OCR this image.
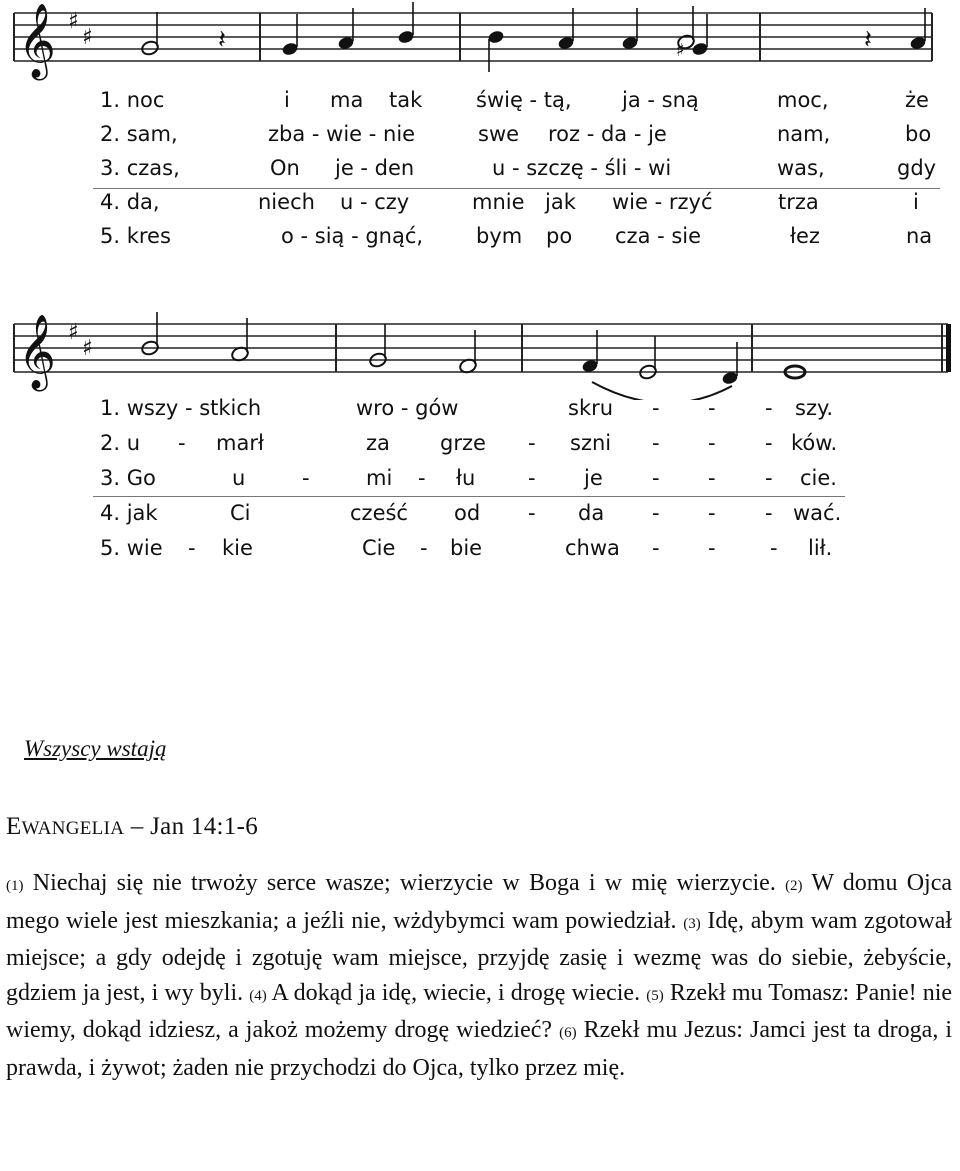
𝄞 ♯
♯
♯
𝄽	𝄽
1. noc	i ma tak	świę - tą, ja - sną	moc,	że
2. sam,	zba - wie - nie	swe roz - da - je	nam,	bo
3. czas,	On je - den	u - szczę - śli - wi	was,	gdy
4. da,	niech u - czy	mnie jak wie - rzyć	trza	i
5. kres	o - sią - gnąć,	bym po cza - sie	łez	na
𝄞 ♯
♯
1. wszy - stkich	wro - gów	skru - - - szy.
2. u - marł	za grze - szni - - - ków.
3. Go	u	-	mi - łu	- je - - - cie.
4. jak	Ci	cześć od - da - - - wać.
5. wie - kie	Cie - bie	chwa - -	- lił.
Wszyscy wstają
EWANGELIA – Jan 14:1-6
(1) Niechaj się nie trwoży serce wasze; wierzycie w Boga i w mię wierzycie. (2) W domu Ojca mego wiele jest mieszkania; a jeźli nie, wżdybymci wam powiedział. (3) Idę, abym wam zgotował miejsce; a gdy odejdę i zgotuję wam miejsce, przyjdę zasię i wezmę was do siebie, żebyście, gdziem ja jest, i wy byli. (4) A dokąd ja idę, wiecie, i drogę wiecie. (5) Rzekł mu Tomasz: Panie! nie wiemy, dokąd idziesz, a jakoż możemy drogę wiedzieć? (6) Rzekł mu Jezus: Jamci jest ta droga, i prawda, i żywot; żaden nie przychodzi do Ojca, tylko przez mię.
